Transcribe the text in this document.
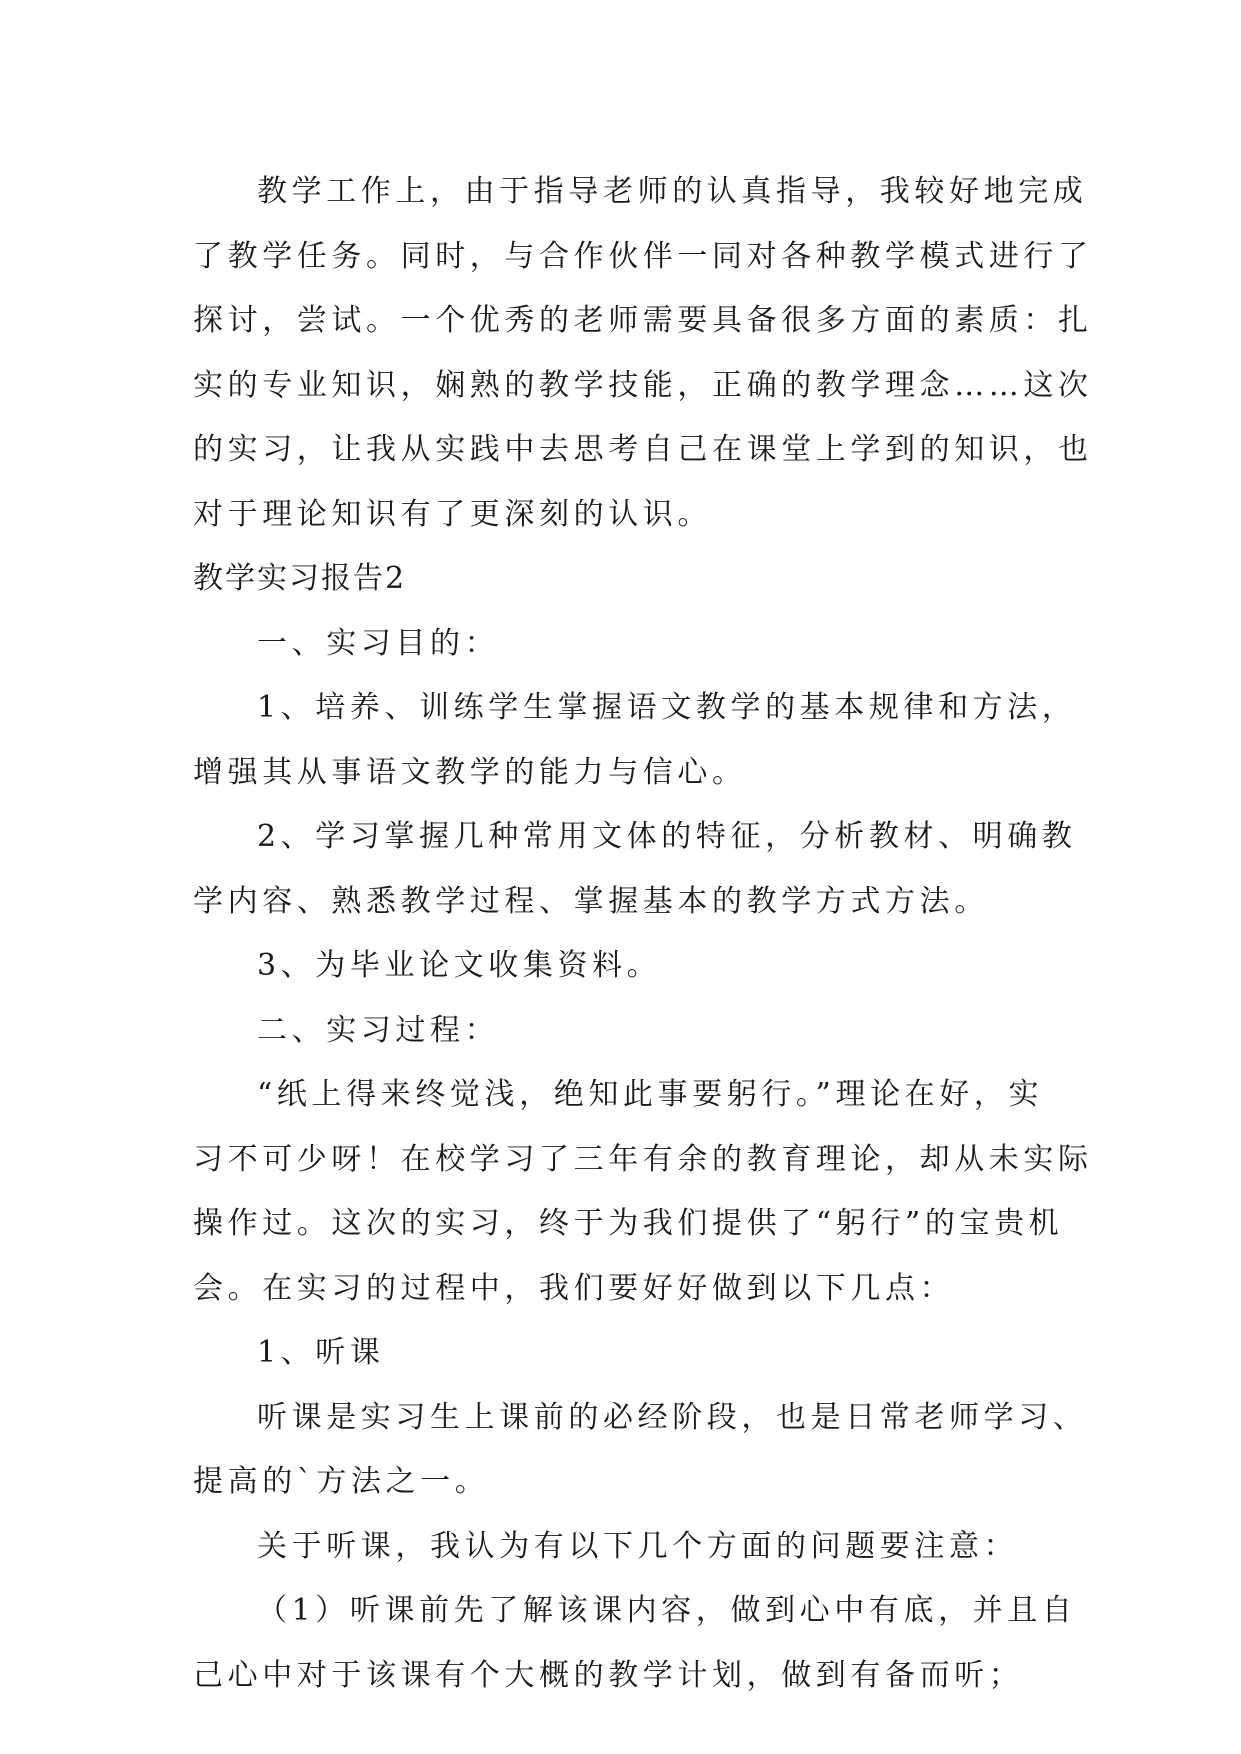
教学工作上，由于指导老师的认真指导，我较好地完成
了教学任务。同时，与合作伙伴一同对各种教学模式进行了
探讨，尝试。一个优秀的老师需要具备很多方面的素质：扎
实的专业知识，娴熟的教学技能，正确的教学理念……这次
的实习，让我从实践中去思考自己在课堂上学到的知识，也
对于理论知识有了更深刻的认识。
教学实习报告2
一、实习目的：
1、培养、训练学生掌握语文教学的基本规律和方法，
增强其从事语文教学的能力与信心。
2、学习掌握几种常用文体的特征，分析教材、明确教
学内容、熟悉教学过程、掌握基本的教学方式方法。
3、为毕业论文收集资料。
二、实习过程：
“纸上得来终觉浅，绝知此事要躬行。”理论在好，实
习不可少呀！在校学习了三年有余的教育理论，却从未实际
操作过。这次的实习，终于为我们提供了“躬行”的宝贵机
会。在实习的过程中，我们要好好做到以下几点：
1、听课
听课是实习生上课前的必经阶段，也是日常老师学习、
提高的`方法之一。
关于听课，我认为有以下几个方面的问题要注意：
（1）听课前先了解该课内容，做到心中有底，并且自
己心中对于该课有个大概的教学计划，做到有备而听；
